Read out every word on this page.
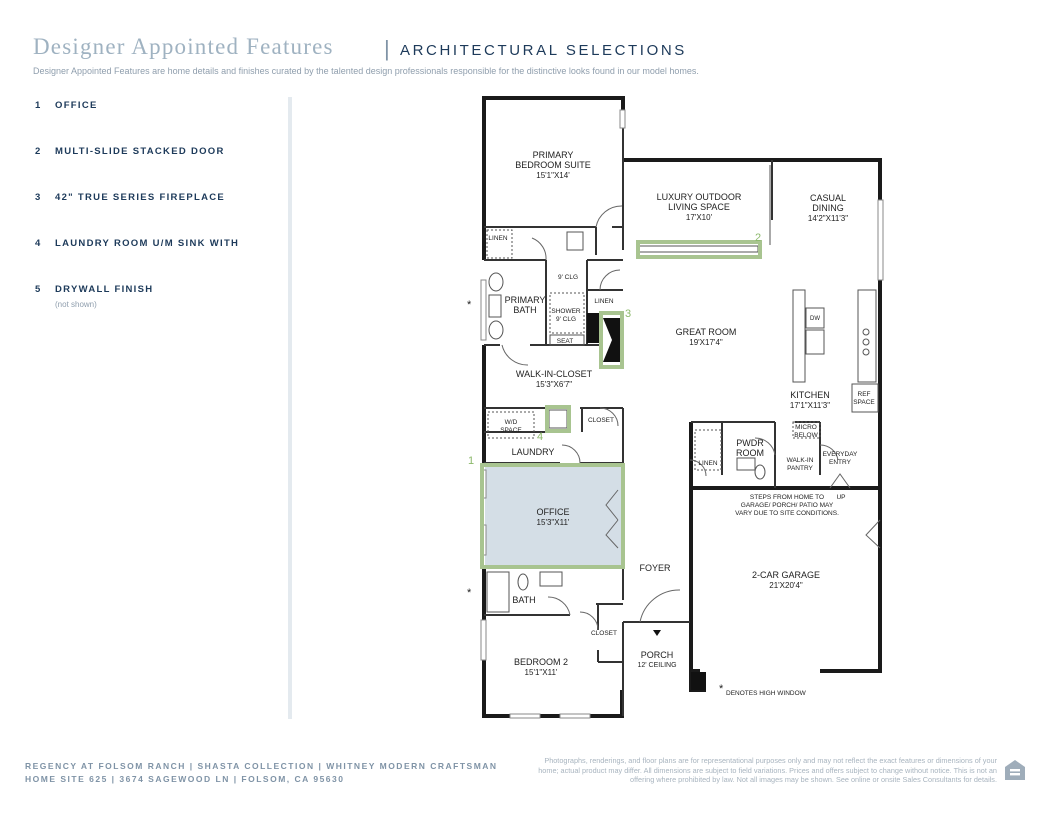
Designer Appointed Features | ARCHITECTURAL SELECTIONS
Designer Appointed Features are home details and finishes curated by the talented design professionals responsible for the distinctive looks found in our model homes.
1 OFFICE
2 MULTI-SLIDE STACKED DOOR
3 42" TRUE SERIES FIREPLACE
4 LAUNDRY ROOM U/M SINK WITH
5 DRYWALL FINISH
(not shown)
1
2
3
4
PRIMARY
BEDROOM SUITE
15'1"X14'
LUXURY OUTDOOR
LIVING SPACE
17'X10'
CASUAL
DINING
14'2"X11'3"
PRIMARY
BATH
GREAT ROOM
19'X17'4"
WALK-IN-CLOSET
15'3"X6'7"
KITCHEN
17'1"X11'3"
LAUNDRY
PWDR
ROOM
OFFICE
15'3"X11'
2-CAR GARAGE
21'X20'4"
FOYER
BATH
PORCH
12' CEILING
BEDROOM 2
15'1"X11'
LINEN
9' CLG
LINEN
SHOWER
9' CLG
SEAT
W/D
SPACE
CLOSET
CLOSET
LINEN
DW
REF
SPACE
MICRO
BELOW
WALK-IN
PANTRY
EVERYDAY
ENTRY
UP
STEPS FROM HOME TO
GARAGE/ PORCH/ PATIO MAY
VARY DUE TO SITE CONDITIONS.
*
*
* DENOTES HIGH WINDOW
REGENCY AT FOLSOM RANCH | SHASTA COLLECTION | WHITNEY MODERN CRAFTSMAN
HOME SITE 625 | 3674 SAGEWOOD LN | FOLSOM, CA 95630
Photographs, renderings, and floor plans are for representational purposes only and may not reflect the exact features or dimensions of your home; actual product may differ. All dimensions are subject to field variations. Prices and offers subject to change without notice. This is not an offering where prohibited by law. Not all images may be shown. See online or onsite Sales Consultants for details.
